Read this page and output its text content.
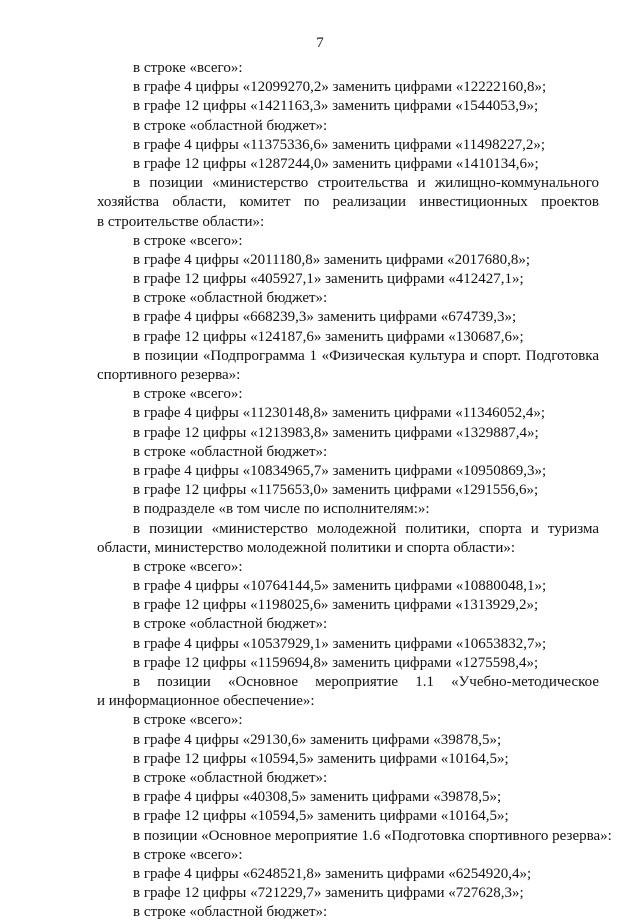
7
в строке «всего»:
в графе 4 цифры «12099270,2» заменить цифрами «12222160,8»;
в графе 12 цифры «1421163,3» заменить цифрами «1544053,9»;
в строке «областной бюджет»:
в графе 4 цифры «11375336,6» заменить цифрами «11498227,2»;
в графе 12 цифры «1287244,0» заменить цифрами «1410134,6»;
в позиции «министерство строительства и жилищно-коммунального
хозяйства области, комитет по реализации инвестиционных проектов
в строительстве области»:
в строке «всего»:
в графе 4 цифры «2011180,8» заменить цифрами «2017680,8»;
в графе 12 цифры «405927,1» заменить цифрами «412427,1»;
в строке «областной бюджет»:
в графе 4 цифры «668239,3» заменить цифрами «674739,3»;
в графе 12 цифры «124187,6» заменить цифрами «130687,6»;
в позиции «Подпрограмма 1 «Физическая культура и спорт. Подготовка
спортивного резерва»:
в строке «всего»:
в графе 4 цифры «11230148,8» заменить цифрами «11346052,4»;
в графе 12 цифры «1213983,8» заменить цифрами «1329887,4»;
в строке «областной бюджет»:
в графе 4 цифры «10834965,7» заменить цифрами «10950869,3»;
в графе 12 цифры «1175653,0» заменить цифрами «1291556,6»;
в подразделе «в том числе по исполнителям:»:
в позиции «министерство молодежной политики, спорта и туризма
области, министерство молодежной политики и спорта области»:
в строке «всего»:
в графе 4 цифры «10764144,5» заменить цифрами «10880048,1»;
в графе 12 цифры «1198025,6» заменить цифрами «1313929,2»;
в строке «областной бюджет»:
в графе 4 цифры «10537929,1» заменить цифрами «10653832,7»;
в графе 12 цифры «1159694,8» заменить цифрами «1275598,4»;
в позиции «Основное мероприятие 1.1 «Учебно-методическое
и информационное обеспечение»:
в строке «всего»:
в графе 4 цифры «29130,6» заменить цифрами «39878,5»;
в графе 12 цифры «10594,5» заменить цифрами «10164,5»;
в строке «областной бюджет»:
в графе 4 цифры «40308,5» заменить цифрами «39878,5»;
в графе 12 цифры «10594,5» заменить цифрами «10164,5»;
в позиции «Основное мероприятие 1.6 «Подготовка спортивного резерва»:
в строке «всего»:
в графе 4 цифры «6248521,8» заменить цифрами «6254920,4»;
в графе 12 цифры «721229,7» заменить цифрами «727628,3»;
в строке «областной бюджет»:
